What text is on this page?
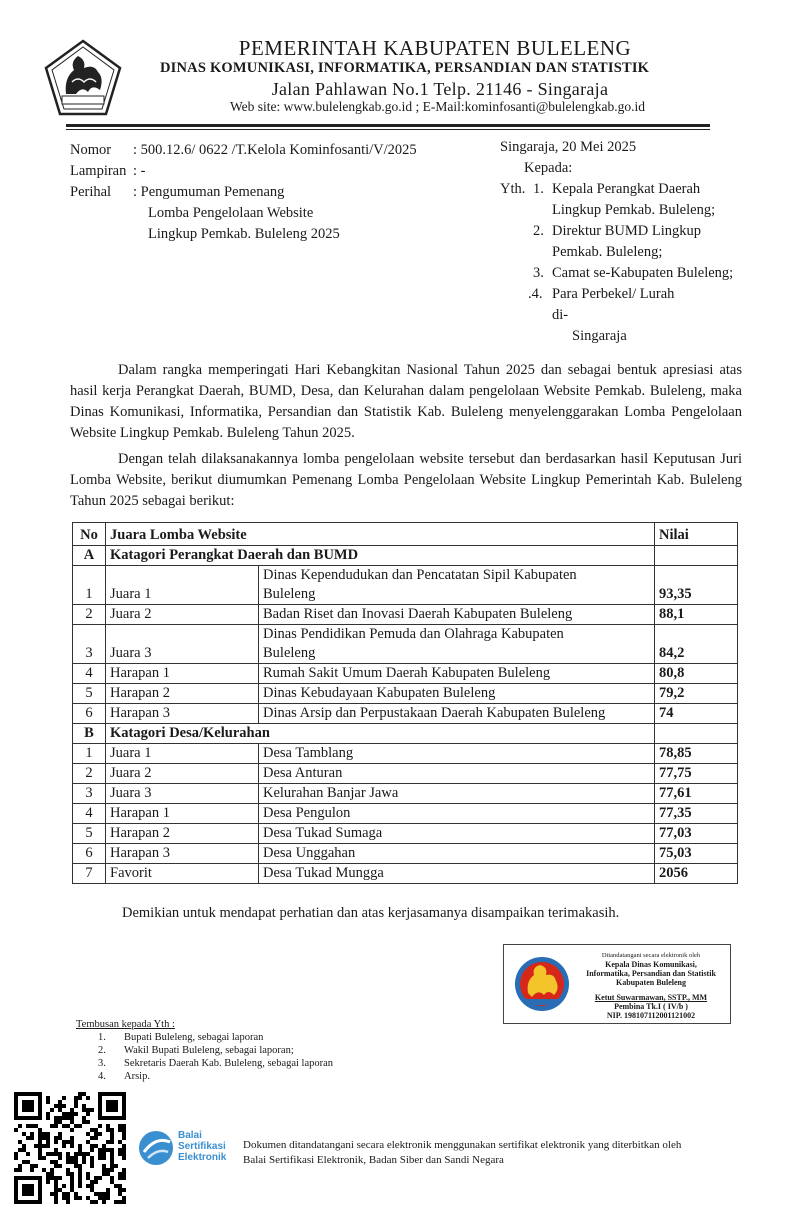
PEMERINTAH KABUPATEN BULELENG
DINAS KOMUNIKASI, INFORMATIKA, PERSANDIAN DAN STATISTIK
Jalan Pahlawan No.1 Telp. 21146 - Singaraja
Web site: www.bulelengkab.go.id ; E-Mail:kominfosanti@bulelengkab.go.id
Nomor : 500.12.6/ 0622 /T.Kelola Kominfosanti/V/2025
Lampiran : -
Perihal : Pengumuman Pemenang
Lomba Pengelolaan Website
Lingkup Pemkab. Buleleng 2025
Singaraja, 20 Mei 2025
Kepada:
Yth. 1. Kepala Perangkat Daerah
Lingkup Pemkab. Buleleng;
2. Direktur BUMD Lingkup
Pemkab. Buleleng;
3. Camat se-Kabupaten Buleleng;
.4. Para Perbekel/ Lurah
di-
Singaraja
Dalam rangka memperingati Hari Kebangkitan Nasional Tahun 2025 dan sebagai bentuk apresiasi atas hasil kerja Perangkat Daerah, BUMD, Desa, dan Kelurahan dalam pengelolaan Website Pemkab. Buleleng, maka Dinas Komunikasi, Informatika, Persandian dan Statistik Kab. Buleleng menyelenggarakan Lomba Pengelolaan Website Lingkup Pemkab. Buleleng Tahun 2025.
Dengan telah dilaksanakannya lomba pengelolaan website tersebut dan berdasarkan hasil Keputusan Juri Lomba Website, berikut diumumkan Pemenang Lomba Pengelolaan Website Lingkup Pemerintah Kab. Buleleng Tahun 2025 sebagai berikut:
No	Juara Lomba Website		Nilai
A	Katagori Perangkat Daerah dan BUMD		
1	Juara 1	Dinas Kependudukan dan Pencatatan Sipil Kabupaten
Buleleng	93,35
2	Juara 2	Badan Riset dan Inovasi Daerah Kabupaten Buleleng	88,1
3	Juara 3	Dinas Pendidikan Pemuda dan Olahraga Kabupaten
Buleleng	84,2
4	Harapan 1	Rumah Sakit Umum Daerah Kabupaten Buleleng	80,8
5	Harapan 2	Dinas Kebudayaan Kabupaten Buleleng	79,2
6	Harapan 3	Dinas Arsip dan Perpustakaan Daerah Kabupaten Buleleng	74
B	Katagori Desa/Kelurahan		
1	Juara 1	Desa Tamblang	78,85
2	Juara 2	Desa Anturan	77,75
3	Juara 3	Kelurahan Banjar Jawa	77,61
4	Harapan 1	Desa Pengulon	77,35
5	Harapan 2	Desa Tukad Sumaga	77,03
6	Harapan 3	Desa Unggahan	75,03
7	Favorit	Desa Tukad Mungga	2056
Demikian untuk mendapat perhatian dan atas kerjasamanya disampaikan terimakasih.
Ditandatangani secara elektronik oleh
Kepala Dinas Komunikasi,
Informatika, Persandian dan Statistik
Kabupaten Buleleng
Ketut Suwarmawan, SSTP., MM
Pembina Tk.I ( IV/b )
NIP. 198107112001121002
Tembusan kepada Yth :
1. Bupati Buleleng, sebagai laporan
2. Wakil Bupati Buleleng, sebagai laporan;
3. Sekretaris Daerah Kab. Buleleng, sebagai laporan
4. Arsip.
Balai
Sertifikasi
Elektronik
Dokumen ditandatangani secara elektronik menggunakan sertifikat elektronik yang diterbitkan oleh
Balai Sertifikasi Elektronik, Badan Siber dan Sandi Negara
